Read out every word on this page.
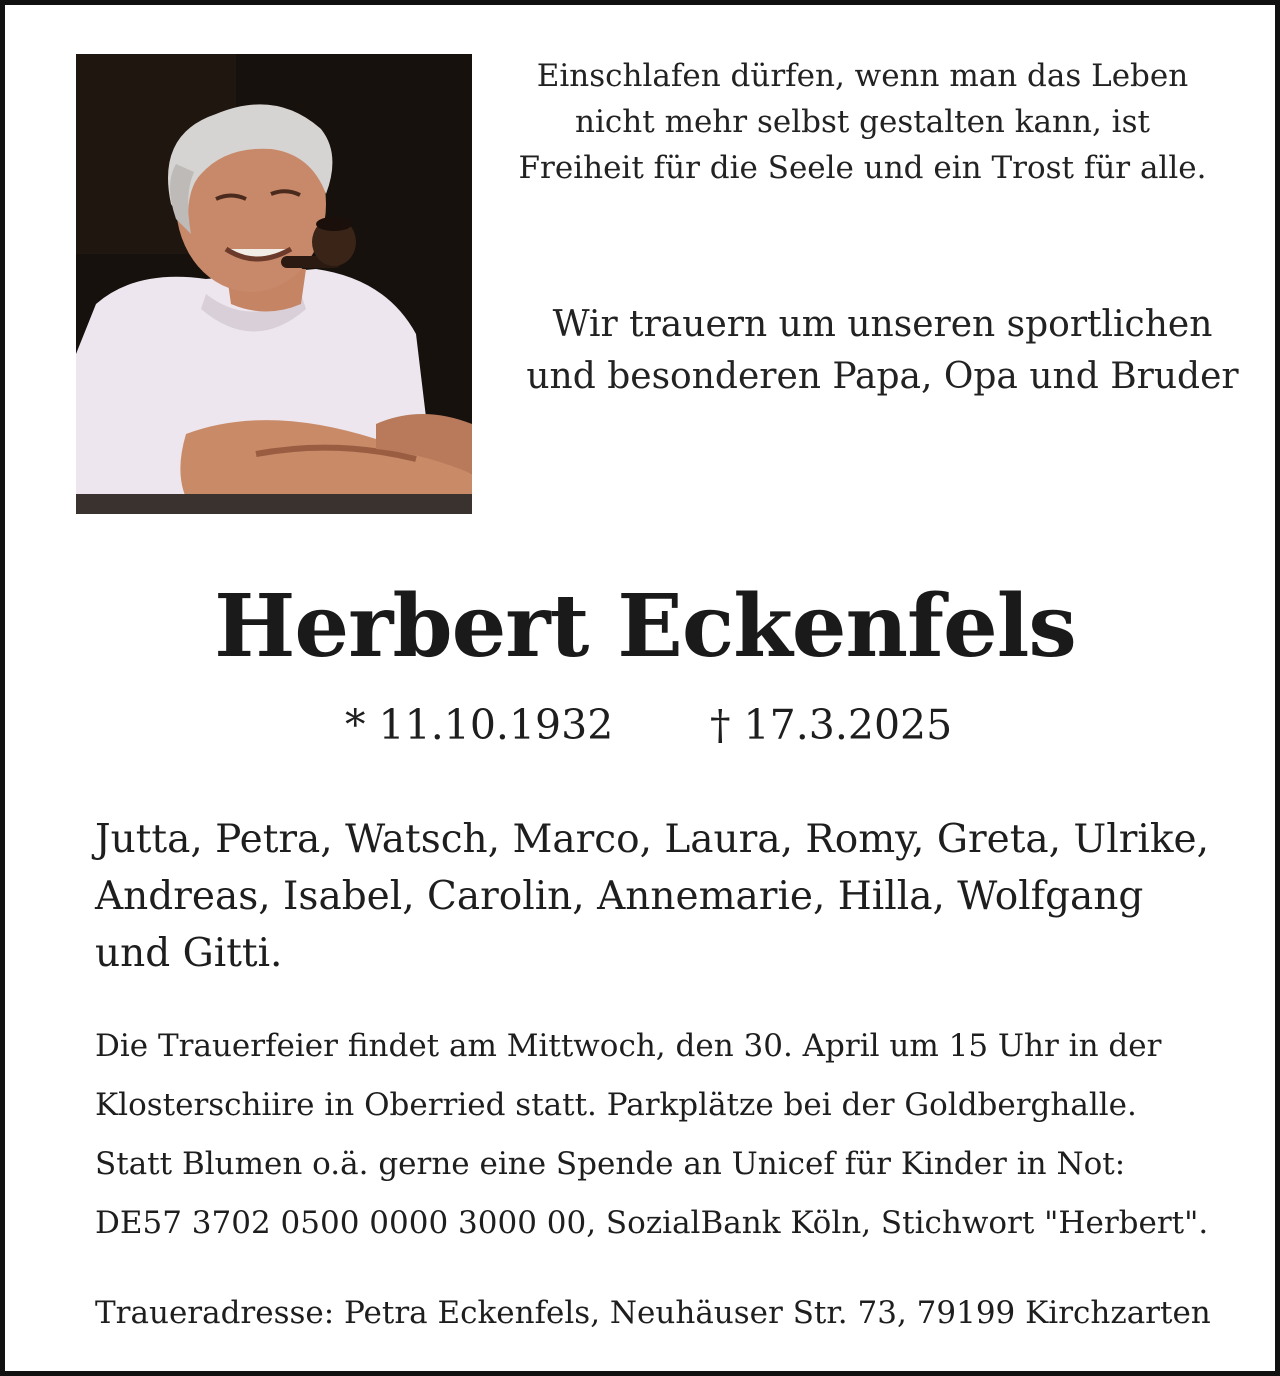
Einschlafen dürfen, wenn man das Leben

nicht mehr selbst gestalten kann, ist

Freiheit für die Seele und ein Trost für alle.

Wir trauern um unseren sportlichen

und besonderen Papa, Opa und Bruder

Herbert Eckenfels
* 11.10.1932 † 17.3.2025
Jutta, Petra, Watsch, Marco, Laura, Romy, Greta, Ulrike, Andreas, Isabel, Carolin, Annemarie, Hilla, Wolfgang und Gitti.

Die Trauerfeier findet am Mittwoch, den 30. April um 15 Uhr in der

Klosterschiire in Oberried statt. Parkplätze bei der Goldberghalle.

Statt Blumen o.ä. gerne eine Spende an Unicef für Kinder in Not:

DE57 3702 0500 0000 3000 00, SozialBank Köln, Stichwort "Herbert".

Traueradresse: Petra Eckenfels, Neuhäuser Str. 73, 79199 Kirchzarten
